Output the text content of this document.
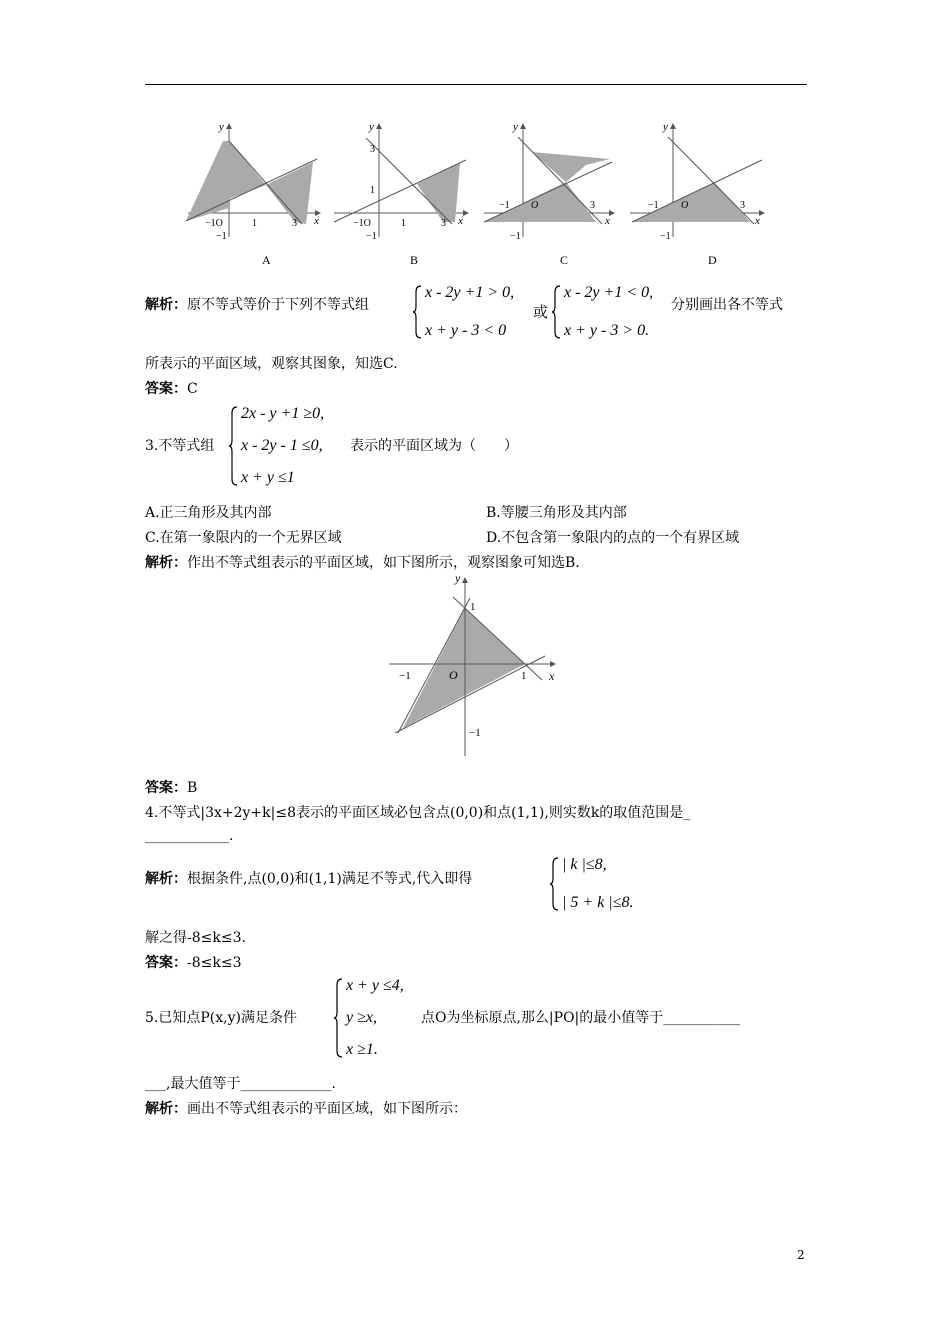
y
x
−1O	1	3
−1
A
y
x
3
1
−1O	1	3
−1
B
y
x
−1 O	3
−1
C
y
x
−1 O	3
−1
D
解析：原不等式等价于下列不等式组
x - 2y +1 > 0,
x + y - 3 < 0
或
x - 2y +1 < 0,
x + y - 3 > 0.
分别画出各不等式
所表示的平面区域，观察其图象，知选C.
答案：C
3.不等式组
2x - y +1 ≥0,
x - 2y - 1 ≤0,
x + y ≤1
表示的平面区域为（　　）
A.正三角形及其内部	B.等腰三角形及其内部
C.在第一象限内的一个无界区域	D.不包含第一象限内的点的一个有界区域
解析：作出不等式组表示的平面区域，如下图所示，观察图象可知选B.
y
x
1
−1	O	1
−1
答案：B
4.不等式|3x+2y+k|≤8表示的平面区域必包含点(0,0)和点(1,1),则实数k的取值范围是_
____________.
解析：根据条件,点(0,0)和(1,1)满足不等式,代入即得
| k |≤8,
| 5 + k |≤8.
解之得-8≤k≤3.
答案：-8≤k≤3
5.已知点P(x,y)满足条件
x + y ≤4,
y ≥x,
x ≥1.
点O为坐标原点,那么|PO|的最小值等于___________
___,最大值等于_____________.
解析：画出不等式组表示的平面区域，如下图所示：
2
